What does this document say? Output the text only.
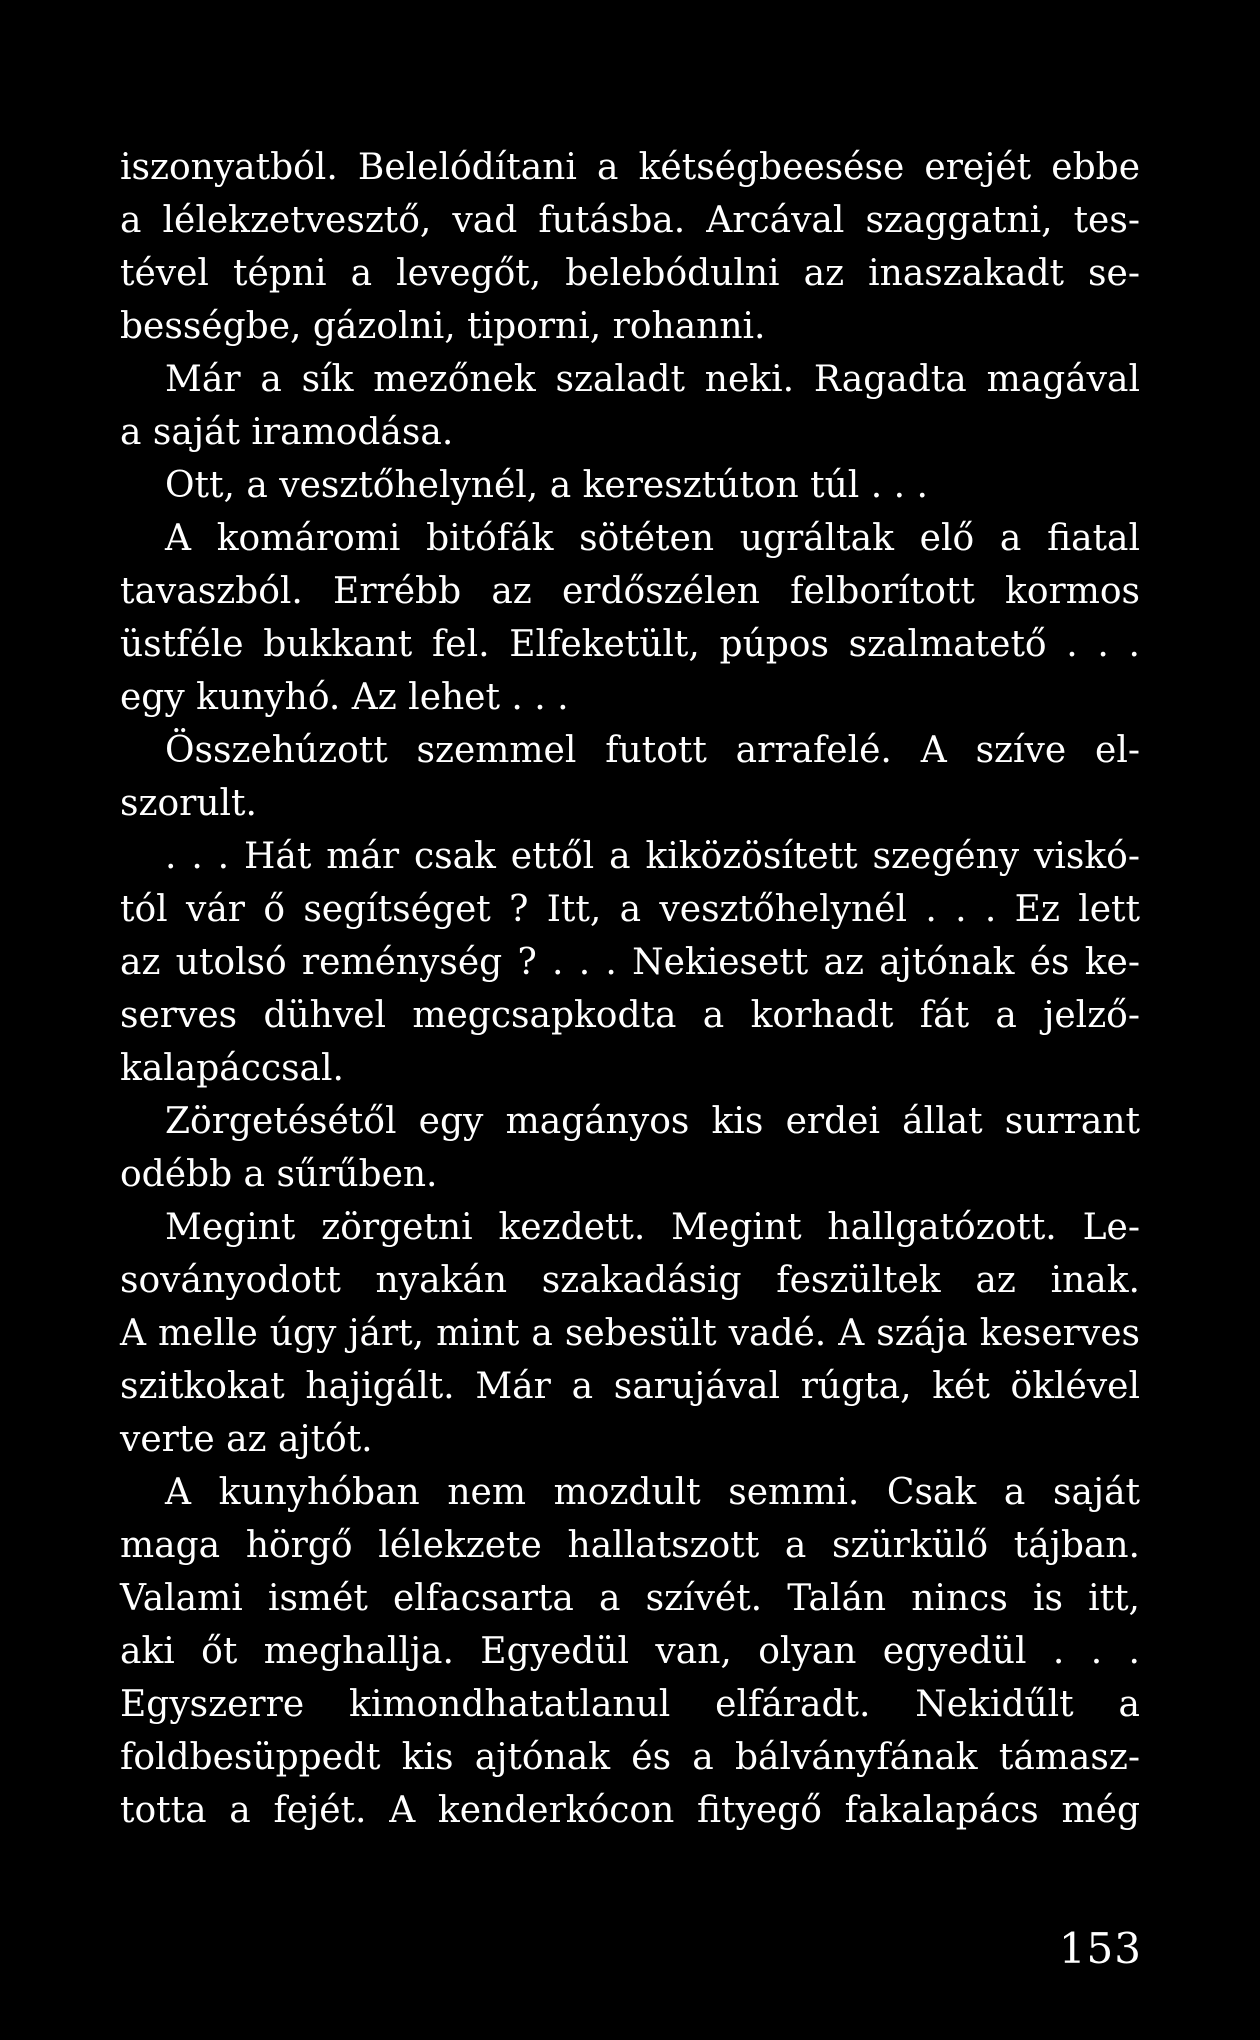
iszonyatból. Belelódítani a kétségbeesése erejét ebbe
a lélekzetvesztő, vad futásba. Arcával szaggatni, tes-
tével tépni a levegőt, belebódulni az inaszakadt se-
bességbe, gázolni, tiporni, rohanni.
Már a sík mezőnek szaladt neki. Ragadta magával
a saját iramodása.
Ott, a vesztőhelynél, a keresztúton túl . . .
A komáromi bitófák sötéten ugráltak elő a fiatal
tavaszból. Errébb az erdőszélen felborított kormos
üstféle bukkant fel. Elfeketült, púpos szalmatető . . .
egy kunyhó. Az lehet . . .
Összehúzott szemmel futott arrafelé. A szíve el-
szorult.
. . . Hát már csak ettől a kiközösített szegény viskó-
tól vár ő segítséget ? Itt, a vesztőhelynél . . . Ez lett
az utolsó reménység ? . . . Nekiesett az ajtónak és ke-
serves dühvel megcsapkodta a korhadt fát a jelző-
kalapáccsal.
Zörgetésétől egy magányos kis erdei állat surrant
odébb a sűrűben.
Megint zörgetni kezdett. Megint hallgatózott. Le-
soványodott nyakán szakadásig feszültek az inak.
A melle úgy járt, mint a sebesült vadé. A szája keserves
szitkokat hajigált. Már a sarujával rúgta, két öklével
verte az ajtót.
A kunyhóban nem mozdult semmi. Csak a saját
maga hörgő lélekzete hallatszott a szürkülő tájban.
Valami ismét elfacsarta a szívét. Talán nincs is itt,
aki őt meghallja. Egyedül van, olyan egyedül . . .
Egyszerre kimondhatatlanul elfáradt. Nekidűlt a
foldbesüppedt kis ajtónak és a bálványfának támasz-
totta a fejét. A kenderkócon fityegő fakalapács még
153
